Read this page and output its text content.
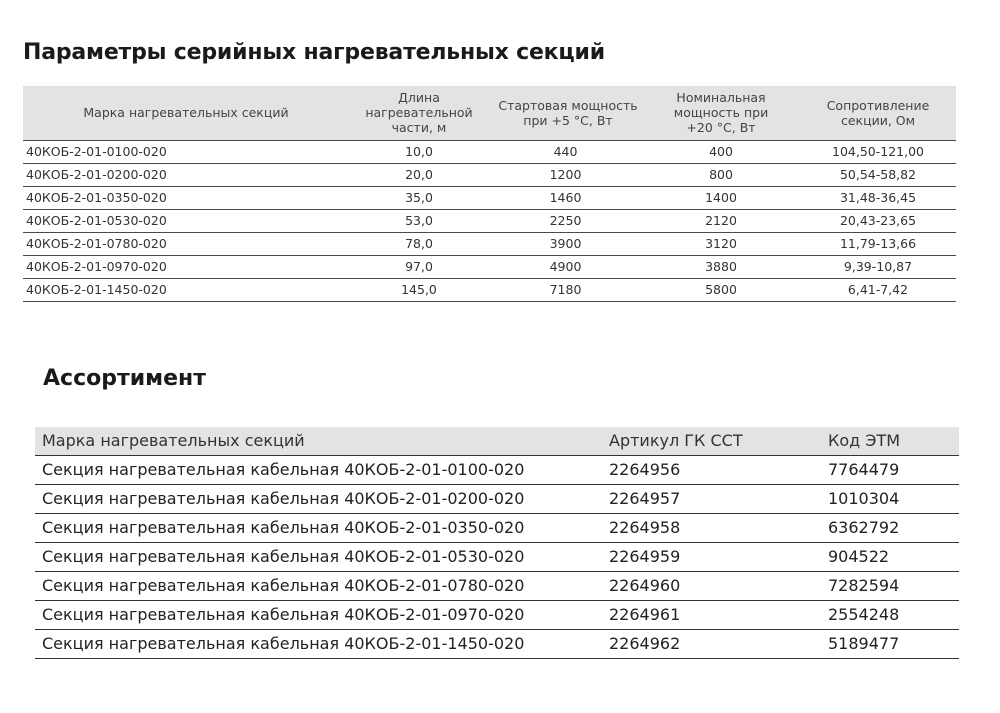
Параметры серийных нагревательных секций
Марка нагревательных секций	Длина нагревательной части, м	Стартовая мощность при +5 °С, Вт	Номинальная мощность при +20 °С, Вт	Сопротивление секции, Ом
40КОБ-2-01-0100-020	10,0	440	400	104,50-121,00
40КОБ-2-01-0200-020	20,0	1200	800	50,54-58,82
40КОБ-2-01-0350-020	35,0	1460	1400	31,48-36,45
40КОБ-2-01-0530-020	53,0	2250	2120	20,43-23,65
40КОБ-2-01-0780-020	78,0	3900	3120	11,79-13,66
40КОБ-2-01-0970-020	97,0	4900	3880	9,39-10,87
40КОБ-2-01-1450-020	145,0	7180	5800	6,41-7,42
Ассортимент
Марка нагревательных секций	Артикул ГК ССТ	Код ЭТМ
Секция нагревательная кабельная 40КОБ-2-01-0100-020	2264956	7764479
Секция нагревательная кабельная 40КОБ-2-01-0200-020	2264957	1010304
Секция нагревательная кабельная 40КОБ-2-01-0350-020	2264958	6362792
Секция нагревательная кабельная 40КОБ-2-01-0530-020	2264959	904522
Секция нагревательная кабельная 40КОБ-2-01-0780-020	2264960	7282594
Секция нагревательная кабельная 40КОБ-2-01-0970-020	2264961	2554248
Секция нагревательная кабельная 40КОБ-2-01-1450-020	2264962	5189477
